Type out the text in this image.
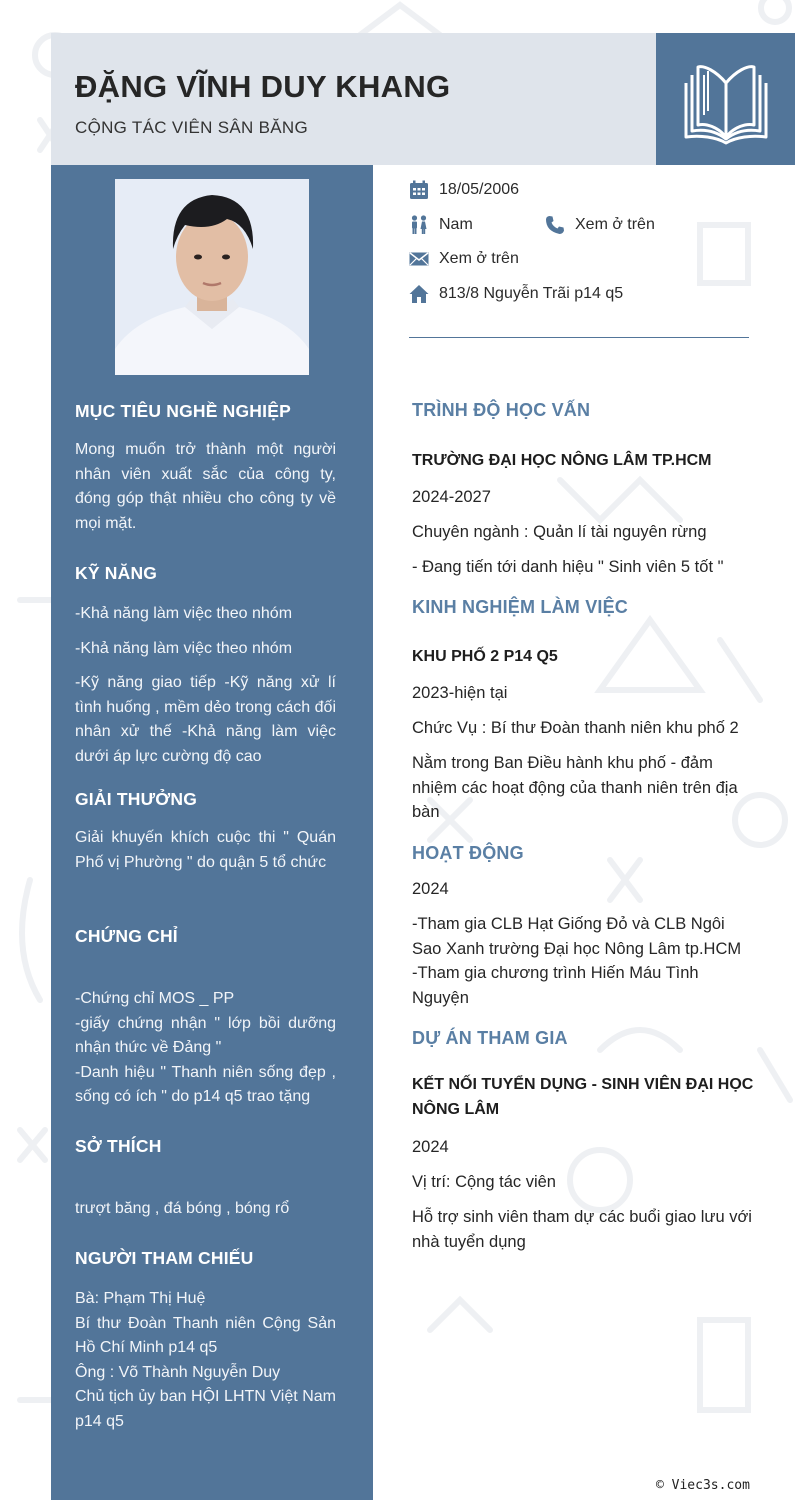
ĐẶNG VĨNH DUY KHANG
CỘNG TÁC VIÊN SÂN BĂNG
MỤC TIÊU NGHỀ NGHIỆP
Mong muốn trở thành một người nhân viên xuất sắc của công ty, đóng góp thật nhiều cho công ty về mọi mặt.
KỸ NĂNG
-Khả năng làm việc theo nhóm
-Khả năng làm việc theo nhóm
-Kỹ năng giao tiếp -Kỹ năng xử lí tình huống , mềm dẻo trong cách đối nhân xử thế -Khả năng làm việc dưới áp lực cường độ cao
GIẢI THƯỞNG
Giải khuyến khích cuộc thi " Quán Phố vị Phường " do quận 5 tổ chức
CHỨNG CHỈ

-Chứng chỉ MOS _ PP

-giấy chứng nhận " lớp bồi dưỡng nhận thức về Đảng "

-Danh hiệu " Thanh niên sống đẹp , sống có ích " do p14 q5 trao tặng

SỞ THÍCH
trượt băng , đá bóng , bóng rổ
NGƯỜI THAM CHIẾU

Bà: Phạm Thị Huệ

Bí thư Đoàn Thanh niên Cộng Sản Hồ Chí Minh p14 q5

Ông : Võ Thành Nguyễn Duy

Chủ tịch ủy ban HỘI LHTN Việt Nam p14 q5

18/05/2006
Nam	Xem ở trên
Xem ở trên
813/8 Nguyễn Trãi p14 q5
TRÌNH ĐỘ HỌC VẤN
TRƯỜNG ĐẠI HỌC NÔNG LÂM TP.HCM
2024-2027
Chuyên ngành : Quản lí tài nguyên rừng
- Đang tiến tới danh hiệu " Sinh viên 5 tốt "
KINH NGHIỆM LÀM VIỆC
KHU PHỐ 2 P14 Q5
2023-hiện tại
Chức Vụ : Bí thư Đoàn thanh niên khu phố 2
Nằm trong Ban Điều hành khu phố - đảm nhiệm các hoạt động của thanh niên trên địa bàn
HOẠT ĐỘNG
2024
-Tham gia CLB Hạt Giống Đỏ và CLB Ngôi Sao Xanh trường Đại học Nông Lâm tp.HCM
-Tham gia chương trình Hiến Máu Tình Nguyện
DỰ ÁN THAM GIA
KẾT NỐI TUYỂN DỤNG - SINH VIÊN ĐẠI HỌC NÔNG LÂM
2024
Vị trí: Cộng tác viên
Hỗ trợ sinh viên tham dự các buổi giao lưu với nhà tuyển dụng
© Viec3s.com
